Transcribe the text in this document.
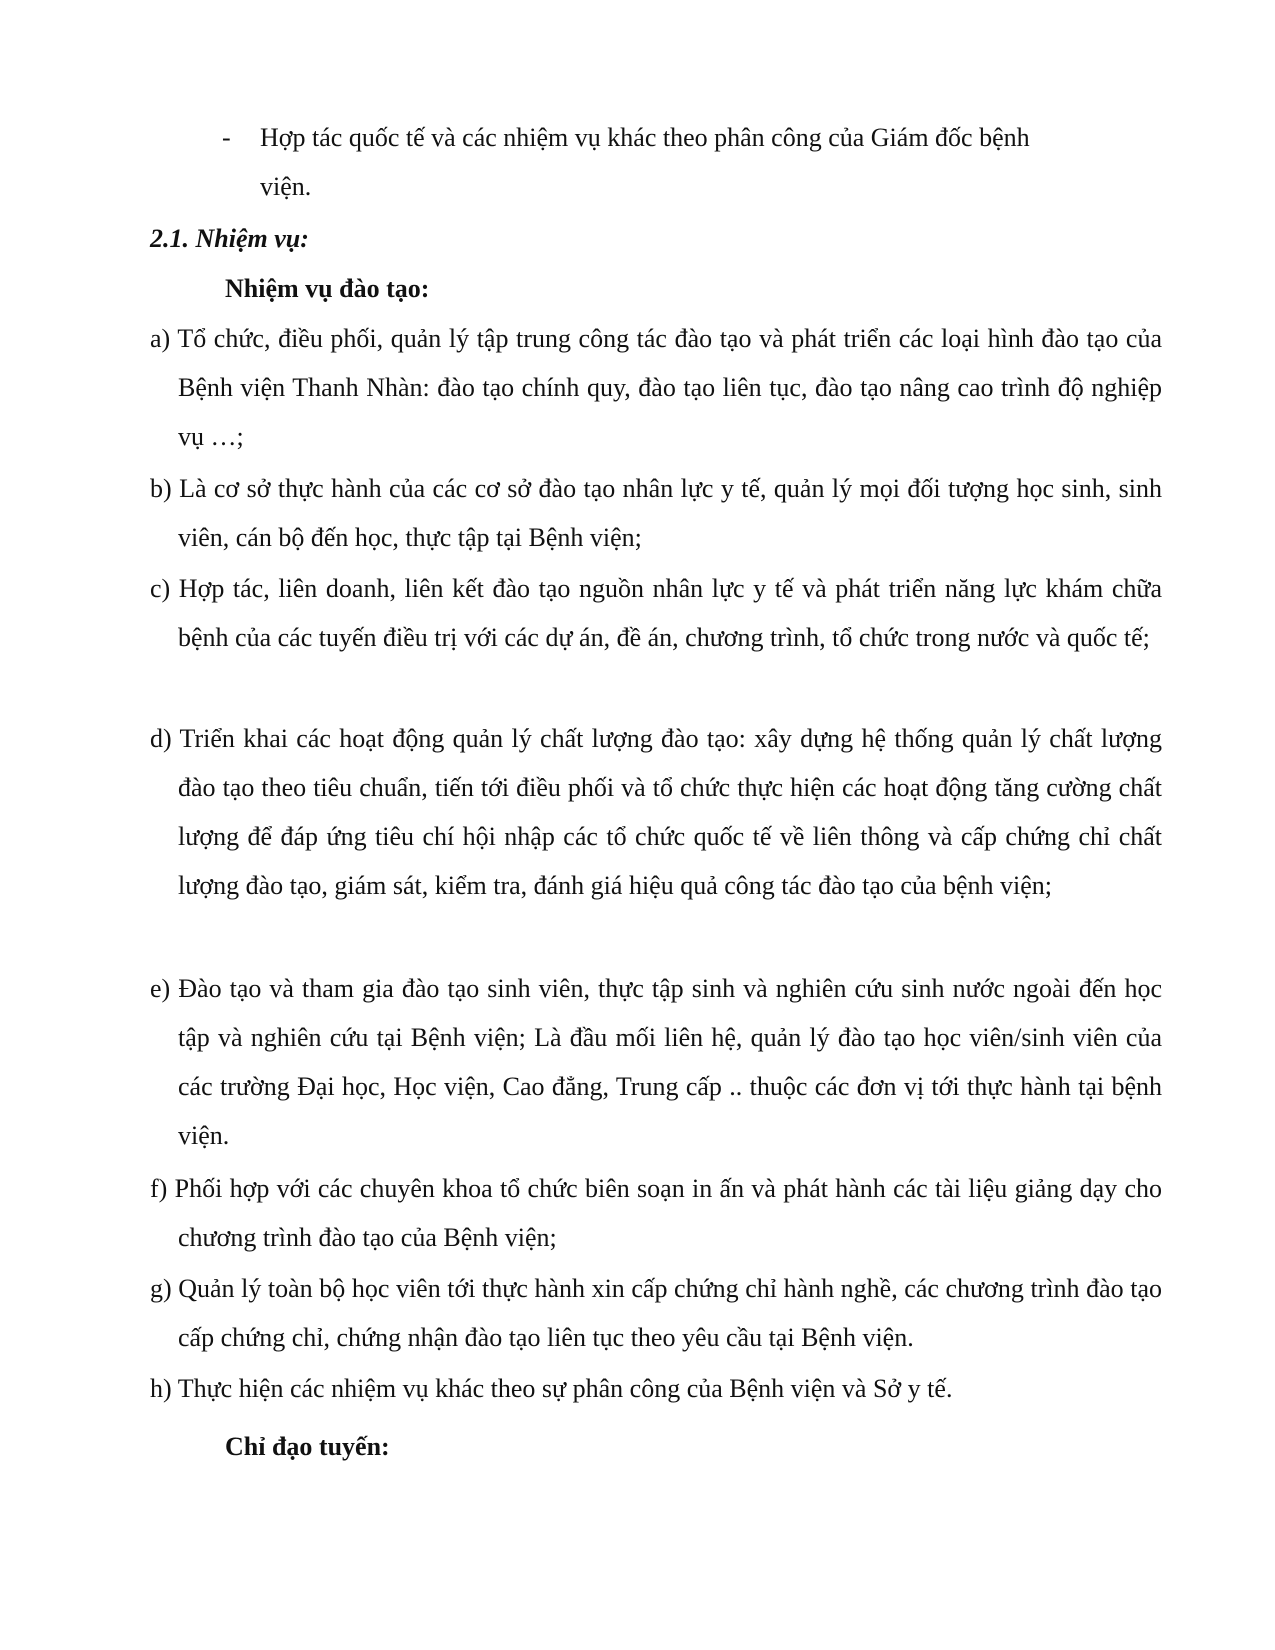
-	Hợp tác quốc tế và các nhiệm vụ khác theo phân công của Giám đốc bệnh
viện.
2.1. Nhiệm vụ:
Nhiệm vụ đào tạo:

a) Tổ chức, điều phối, quản lý tập trung công tác đào tạo và phát triển các loại hình đào tạo của Bệnh viện Thanh Nhàn: đào tạo chính quy, đào tạo liên tục, đào tạo nâng cao trình độ nghiệp vụ …;

b) Là cơ sở thực hành của các cơ sở đào tạo nhân lực y tế, quản lý mọi đối tượng học sinh, sinh viên, cán bộ đến học, thực tập tại Bệnh viện;

c) Hợp tác, liên doanh, liên kết đào tạo nguồn nhân lực y tế và phát triển năng lực khám chữa bệnh của các tuyến điều trị với các dự án, đề án, chương trình, tổ chức trong nước và quốc tế;

d) Triển khai các hoạt động quản lý chất lượng đào tạo: xây dựng hệ thống quản lý chất lượng đào tạo theo tiêu chuẩn, tiến tới điều phối và tổ chức thực hiện các hoạt động tăng cường chất lượng để đáp ứng tiêu chí hội nhập các tổ chức quốc tế về liên thông và cấp chứng chỉ chất lượng đào tạo, giám sát, kiểm tra, đánh giá hiệu quả công tác đào tạo của bệnh viện;

e) Đào tạo và tham gia đào tạo sinh viên, thực tập sinh và nghiên cứu sinh nước ngoài đến học tập và nghiên cứu tại Bệnh viện; Là đầu mối liên hệ, quản lý đào tạo học viên/sinh viên của các trường Đại học, Học viện, Cao đẳng, Trung cấp .. thuộc các đơn vị tới thực hành tại bệnh viện.

f) Phối hợp với các chuyên khoa tổ chức biên soạn in ấn và phát hành các tài liệu giảng dạy cho chương trình đào tạo của Bệnh viện;

g) Quản lý toàn bộ học viên tới thực hành xin cấp chứng chỉ hành nghề, các chương trình đào tạo cấp chứng chỉ, chứng nhận đào tạo liên tục theo yêu cầu tại Bệnh viện.

h) Thực hiện các nhiệm vụ khác theo sự phân công của Bệnh viện và Sở y tế.

Chỉ đạo tuyến:
